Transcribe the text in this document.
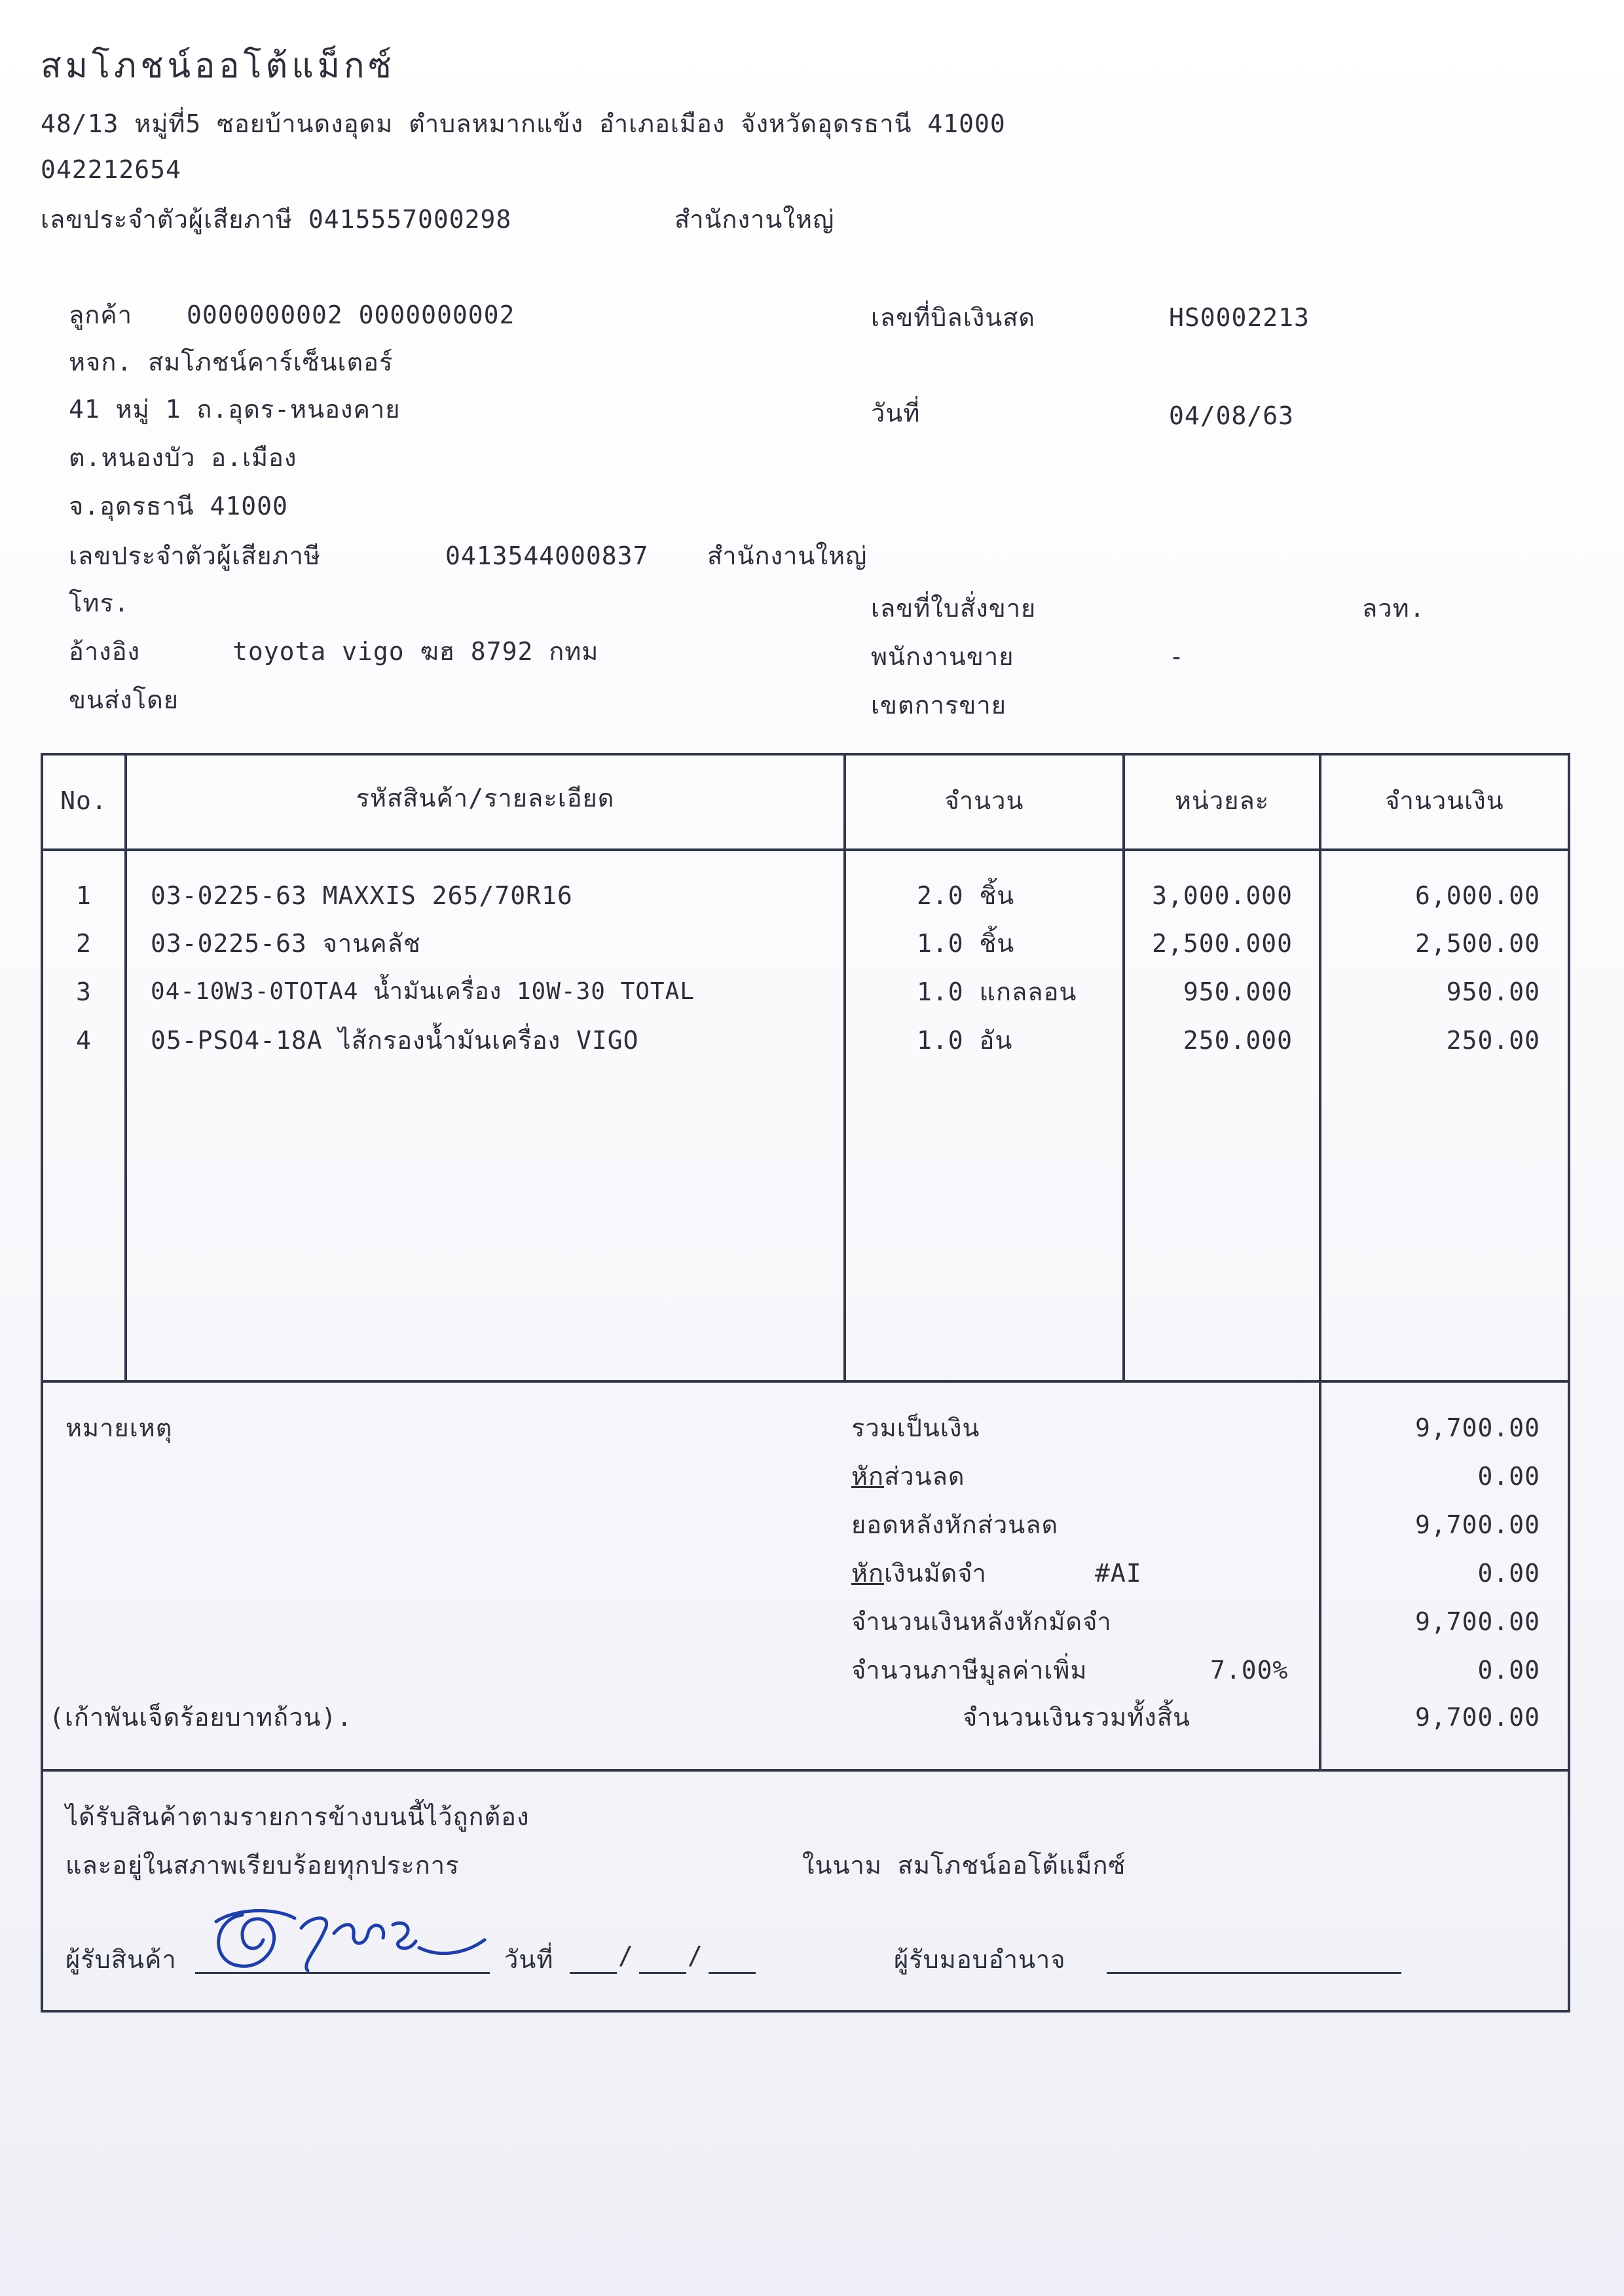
สมโภชน์ออโต้แม็กซ์
48/13 หมู่ที่5 ซอยบ้านดงอุดม ตำบลหมากแข้ง อำเภอเมือง จังหวัดอุดรธานี 41000
042212654
เลขประจำตัวผู้เสียภาษี 0415557000298	สำนักงานใหญ่
ลูกค้า 0000000002 0000000002
หจก. สมโภชน์คาร์เซ็นเตอร์
41 หมู่ 1 ถ.อุดร-หนองคาย
ต.หนองบัว อ.เมือง
จ.อุดรธานี 41000
เลขประจำตัวผู้เสียภาษี	0413544000837 สำนักงานใหญ่
โทร.
อ้างอิง	toyota vigo ฆฮ 8792 กทม
ขนส่งโดย
เลขที่บิลเงินสด	HS0002213
วันที่	04/08/63
เลขที่ใบสั่งขาย	ลวท.
พนักงานขาย	-
เขตการขาย
No.	รหัสสินค้า/รายละเอียด	จำนวน	หน่วยละ	จำนวนเงิน
1	03-0225-63 MAXXIS 265/70R16	2.0 ชิ้น	3,000.000	6,000.00
2	03-0225-63 จานคลัช	1.0 ชิ้น	2,500.000	2,500.00
3	04-10W3-0TOTA4 น้ำมันเครื่อง 10W-30 TOTAL	1.0 แกลลอน	950.000	950.00
4	05-PSO4-18A ไส้กรองน้ำมันเครื่อง VIGO	1.0 อัน	250.000	250.00
หมายเหตุ
(เก้าพันเจ็ดร้อยบาทถ้วน).
รวมเป็นเงิน	9,700.00
หักส่วนลด	0.00
ยอดหลังหักส่วนลด	9,700.00
หักเงินมัดจำ	#AI	0.00
จำนวนเงินหลังหักมัดจำ	9,700.00
จำนวนภาษีมูลค่าเพิ่ม	7.00%	0.00
จำนวนเงินรวมทั้งสิ้น	9,700.00
ได้รับสินค้าตามรายการข้างบนนี้ไว้ถูกต้อง
และอยู่ในสภาพเรียบร้อยทุกประการ	ในนาม สมโภชน์ออโต้แม็กซ์
ผู้รับสินค้า	วันที่	/ /	ผู้รับมอบอำนาจ
